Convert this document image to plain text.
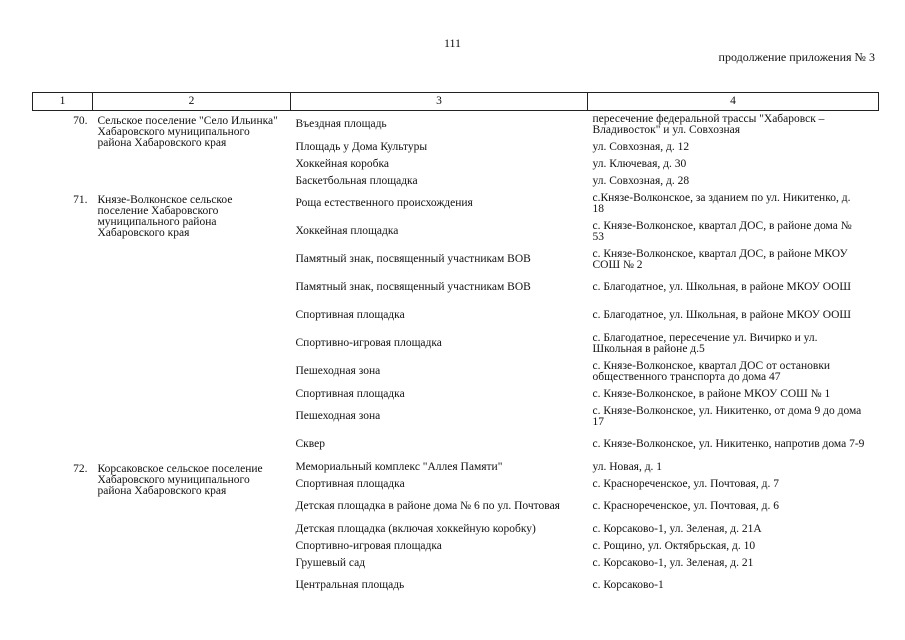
111
продолжение приложения № 3
1	2	3	4
70.	Сельское поселение "Село Ильинка" Хабаровского муниципального района Хабаровского края	Въездная площадь	пересечение федеральной трассы "Хабаровск – Владивосток" и ул. Совхозная
		Площадь у Дома Культуры	ул. Совхозная, д. 12
		Хоккейная коробка	ул. Ключевая, д. 30
		Баскетбольная площадка	ул. Совхозная, д. 28
71.	Князе-Волконское сельское поселение Хабаровского муниципального района Хабаровского края	Роща естественного происхождения	с.Князе-Волконское, за зданием по ул. Никитенко, д. 18
		Хоккейная площадка	с. Князе-Волконское, квартал ДОС, в районе дома № 53
		Памятный знак, посвященный участникам ВОВ	с. Князе-Волконское, квартал ДОС, в районе МКОУ СОШ № 2
		Памятный знак, посвященный участникам ВОВ	с. Благодатное, ул. Школьная, в районе МКОУ ООШ
		Спортивная площадка	с. Благодатное, ул. Школьная, в районе МКОУ ООШ
		Спортивно-игровая площадка	с. Благодатное, пересечение ул. Вичирко и ул. Школьная в районе д.5
		Пешеходная зона	с. Князе-Волконское, квартал ДОС от остановки общественного транспорта до дома 47
		Спортивная площадка	с. Князе-Волконское, в районе МКОУ СОШ № 1
		Пешеходная зона	с. Князе-Волконское, ул. Никитенко, от дома 9 до дома 17
		Сквер	с. Князе-Волконское, ул. Никитенко, напротив дома 7-9
72.	Корсаковское сельское поселение Хабаровского муниципального района Хабаровского края	Мемориальный комплекс "Аллея Памяти"	ул. Новая, д. 1
		Спортивная площадка	с. Краснореченское, ул. Почтовая, д. 7
		Детская площадка в районе дома № 6 по ул. Почтовая	с. Краснореченское, ул. Почтовая, д. 6
		Детская площадка (включая хоккейную коробку)	с. Корсаково-1, ул. Зеленая, д. 21А
		Спортивно-игровая площадка	с. Рощино, ул. Октябрьская, д. 10
		Грушевый сад	с. Корсаково-1, ул. Зеленая, д. 21
		Центральная площадь	с. Корсаково-1
